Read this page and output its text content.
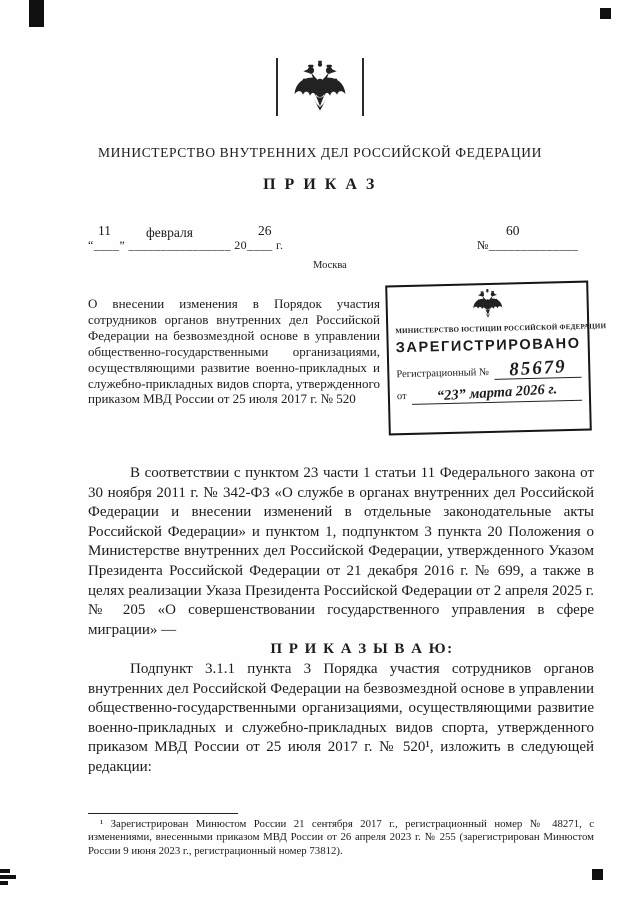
МИНИСТЕРСТВО ВНУТРЕННИХ ДЕЛ РОССИЙСКОЙ ФЕДЕРАЦИИ
П Р И К А З
11	февраля	26
“____” ________________ 20____ г.
Москва
60
№______________

О внесении изменения в Порядок участия сотрудников органов внутренних дел Российской Федерации на безвозмездной основе в управлении общественно-государственными организациями, осуществляющими развитие военно-прикладных и служебно-прикладных видов спорта, утвержденного приказом МВД России от 25 июля 2017 г. № 520

МИНИСТЕРСТВО ЮСТИЦИИ РОССИЙСКОЙ ФЕДЕРАЦИИ
ЗАРЕГИСТРИРОВАНО
Регистрационный №	85679
от	“23” марта 2026 г.

В соответствии с пунктом 23 части 1 статьи 11 Федерального закона от 30 ноября 2011 г. № 342-ФЗ «О службе в органах внутренних дел Российской Федерации и внесении изменений в отдельные законодательные акты Российской Федерации» и пунктом 1, подпунктом 3 пункта 20 Положения о Министерстве внутренних дел Российской Федерации, утвержденного Указом Президента Российской Федерации от 21 декабря 2016 г. № 699, а также в целях реализации Указа Президента Российской Федерации от 2 апреля 2025 г. № 205 «О совершенствовании государственного управления в сфере миграции» —

П Р И К А З Ы В А Ю:

Подпункт 3.1.1 пункта 3 Порядка участия сотрудников органов внутренних дел Российской Федерации на безвозмездной основе в управлении общественно-государственными организациями, осуществляющими развитие военно-прикладных и служебно-прикладных видов спорта, утвержденного приказом МВД России от 25 июля 2017 г. № 520¹, изложить в следующей редакции:

¹ Зарегистрирован Минюстом России 21 сентября 2017 г., регистрационный номер № 48271, с изменениями, внесенными приказом МВД России от 26 апреля 2023 г. № 255 (зарегистрирован Минюстом России 9 июня 2023 г., регистрационный номер 73812).
